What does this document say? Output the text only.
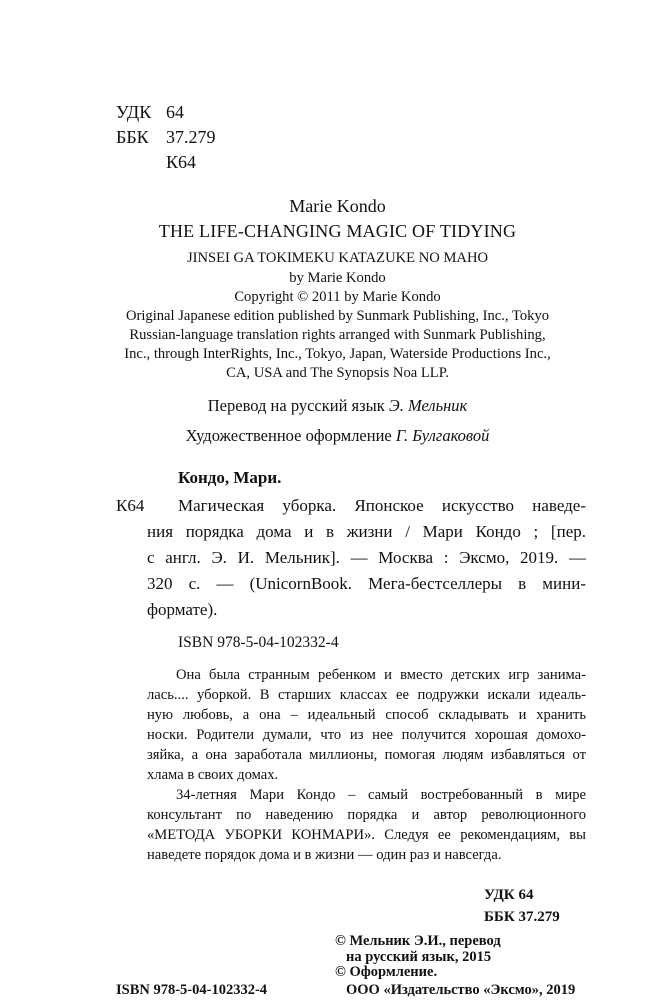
УДК 64
ББК 37.279
К64
Marie Kondo
THE LIFE-CHANGING MAGIC OF TIDYING
JINSEI GA TOKIMEKU KATAZUKE NO MAHO
by Marie Kondo
Copyright © 2011 by Marie Kondo
Original Japanese edition published by Sunmark Publishing, Inc., Tokyo
Russian-language translation rights arranged with Sunmark Publishing,
Inc., through InterRights, Inc., Tokyo, Japan, Waterside Productions Inc.,
CA, USA and The Synopsis Noa LLP.
Перевод на русский язык Э. Мельник
Художественное оформление Г. Булгаковой
Кондо, Мари.
К64 Магическая уборка. Японское искусство наведе-
ния порядка дома и в жизни / Мари Кондо ; [пер.
с англ. Э. И. Мельник]. — Москва : Эксмо, 2019. —
320 с. — (UnicornBook. Мега-бестселлеры в мини-
формате).
ISBN 978-5-04-102332-4
Она была странным ребенком и вместо детских игр занима-
лась.... уборкой. В старших классах ее подружки искали идеаль-
ную любовь, а она – идеальный способ складывать и хранить
носки. Родители думали, что из нее получится хорошая домохо-
зяйка, а она заработала миллионы, помогая людям избавляться от
хлама в своих домах.
34-летняя Мари Кондо – самый востребованный в мире
консультант по наведению порядка и автор революционного
«МЕТОДА УБОРКИ КОНМАРИ». Следуя ее рекомендациям, вы
наведете порядок дома и в жизни — один раз и навсегда.
УДК 64
ББК 37.279
© Мельник Э.И., перевод
на русский язык, 2015
© Оформление.
ООО «Издательство «Эксмо», 2019
ISBN 978-5-04-102332-4
